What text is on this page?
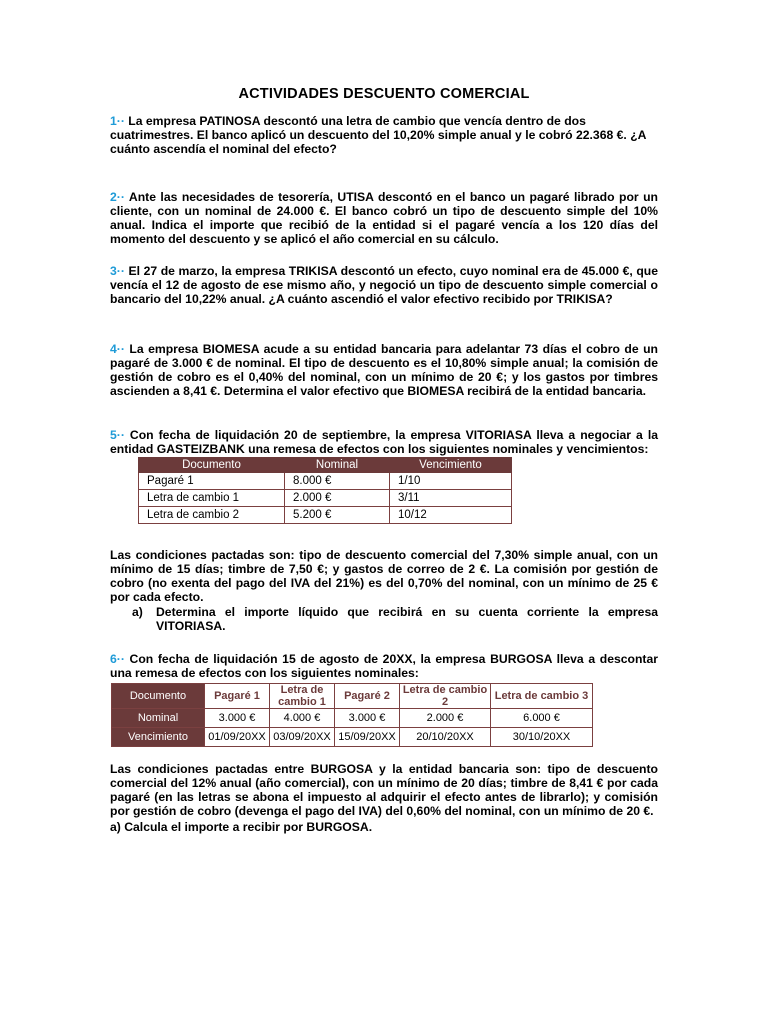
ACTIVIDADES DESCUENTO COMERCIAL
1·· La empresa PATINOSA descontó una letra de cambio que vencía dentro de dos cuatrimestres. El banco aplicó un descuento del 10,20% simple anual y le cobró 22.368 €. ¿A cuánto ascendía el nominal del efecto?
2·· Ante las necesidades de tesorería, UTISA descontó en el banco un pagaré librado por un cliente, con un nominal de 24.000 €. El banco cobró un tipo de descuento simple del 10% anual. Indica el importe que recibió de la entidad si el pagaré vencía a los 120 días del momento del descuento y se aplicó el año comercial en su cálculo.
3·· El 27 de marzo, la empresa TRIKISA descontó un efecto, cuyo nominal era de 45.000 €, que vencía el 12 de agosto de ese mismo año, y negoció un tipo de descuento simple comercial o bancario del 10,22% anual. ¿A cuánto ascendió el valor efectivo recibido por TRIKISA?
4·· La empresa BIOMESA acude a su entidad bancaria para adelantar 73 días el cobro de un pagaré de 3.000 € de nominal. El tipo de descuento es el 10,80% simple anual; la comisión de gestión de cobro es el 0,40% del nominal, con un mínimo de 20 €; y los gastos por timbres ascienden a 8,41 €. Determina el valor efectivo que BIOMESA recibirá de la entidad bancaria.
5·· Con fecha de liquidación 20 de septiembre, la empresa VITORIASA lleva a negociar a la entidad GASTEIZBANK una remesa de efectos con los siguientes nominales y vencimientos:
Documento	Nominal	Vencimiento
Pagaré 1	8.000 €	1/10
Letra de cambio 1	2.000 €	3/11
Letra de cambio 2	5.200 €	10/12
Las condiciones pactadas son: tipo de descuento comercial del 7,30% simple anual, con un mínimo de 15 días; timbre de 7,50 €; y gastos de correo de 2 €. La comisión por gestión de cobro (no exenta del pago del IVA del 21%) es del 0,70% del nominal, con un mínimo de 25 € por cada efecto.
a) Determina el importe líquido que recibirá en su cuenta corriente la empresa VITORIASA.
6·· Con fecha de liquidación 15 de agosto de 20XX, la empresa BURGOSA lleva a descontar una remesa de efectos con los siguientes nominales:
Documento	Pagaré 1	Letra de cambio 1	Pagaré 2	Letra de cambio 2	Letra de cambio 3
Nominal	3.000 €	4.000 €	3.000 €	2.000 €	6.000 €
Vencimiento	01/09/20XX	03/09/20XX	15/09/20XX	20/10/20XX	30/10/20XX
Las condiciones pactadas entre BURGOSA y la entidad bancaria son: tipo de descuento comercial del 12% anual (año comercial), con un mínimo de 20 días; timbre de 8,41 € por cada pagaré (en las letras se abona el impuesto al adquirir el efecto antes de librarlo); y comisión por gestión de cobro (devenga el pago del IVA) del 0,60% del nominal, con un mínimo de 20 €.
a) Calcula el importe a recibir por BURGOSA.
